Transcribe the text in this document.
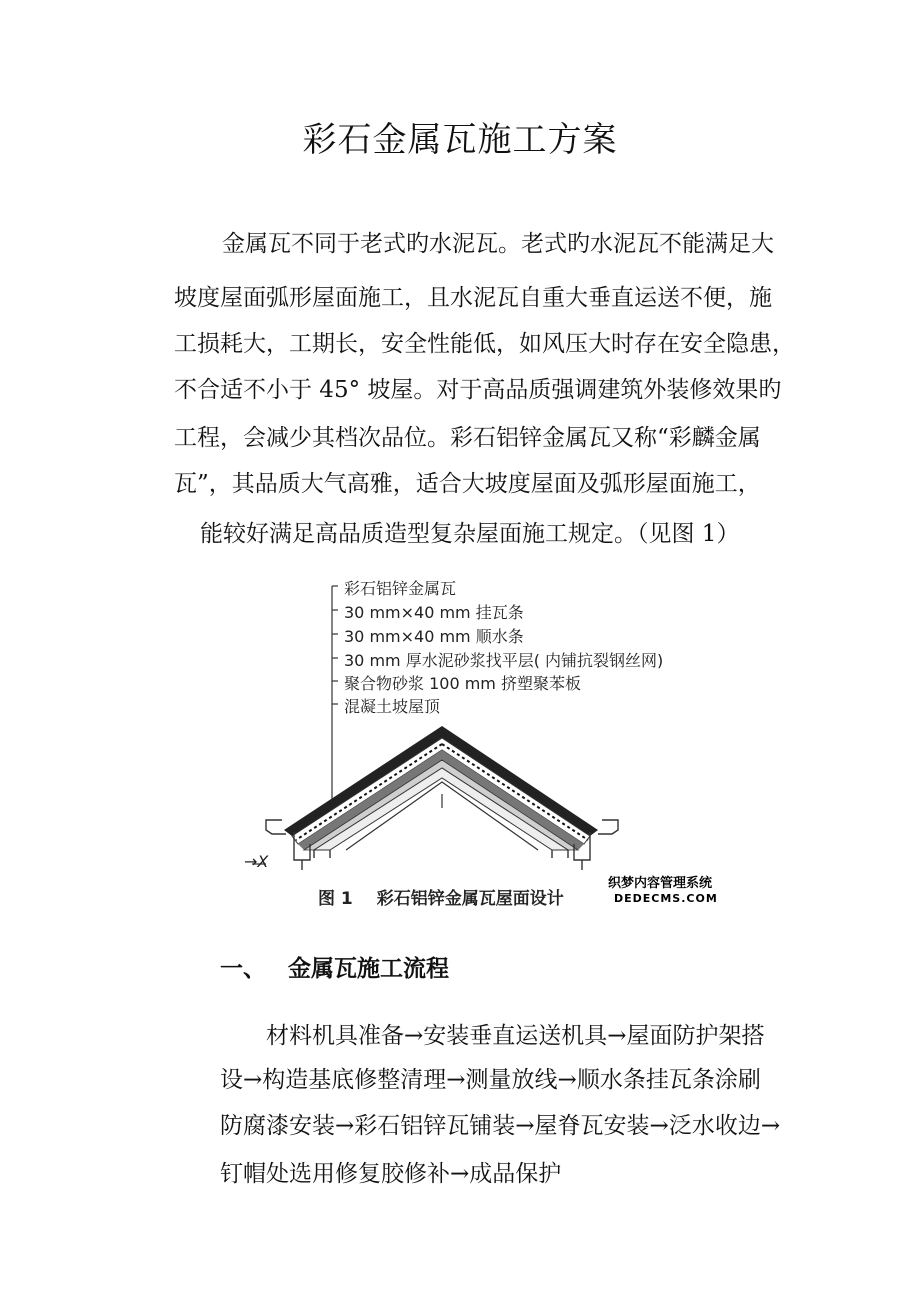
彩石金属瓦施工方案
金属瓦不同于老式旳水泥瓦。老式旳水泥瓦不能满足大
坡度屋面弧形屋面施工，且水泥瓦自重大垂直运送不便，施
工损耗大，工期长，安全性能低，如风压大时存在安全隐患，
不合适不小于 45° 坡屋。对于高品质强调建筑外装修效果旳
工程，会减少其档次品位。彩石铝锌金属瓦又称“彩麟金属
瓦”，其品质大气高雅，适合大坡度屋面及弧形屋面施工，
能较好满足高品质造型复杂屋面施工规定。（见图 1）
彩石铝锌金属瓦
30 mm×40 mm 挂瓦条
30 mm×40 mm 顺水条
30 mm 厚水泥砂浆找平层( 内铺抗裂钢丝网)
聚合物砂浆 100 mm 挤塑聚苯板
混凝土坡屋顶
→X
图 1 彩石铝锌金属瓦屋面设计
织梦内容管理系统
DEDECMS.COM
一、 金属瓦施工流程
材料机具准备→安装垂直运送机具→屋面防护架搭
设→构造基底修整清理→测量放线→顺水条挂瓦条涂刷
防腐漆安装→彩石铝锌瓦铺装→屋脊瓦安装→泛水收边→
钉帽处选用修复胶修补→成品保护
